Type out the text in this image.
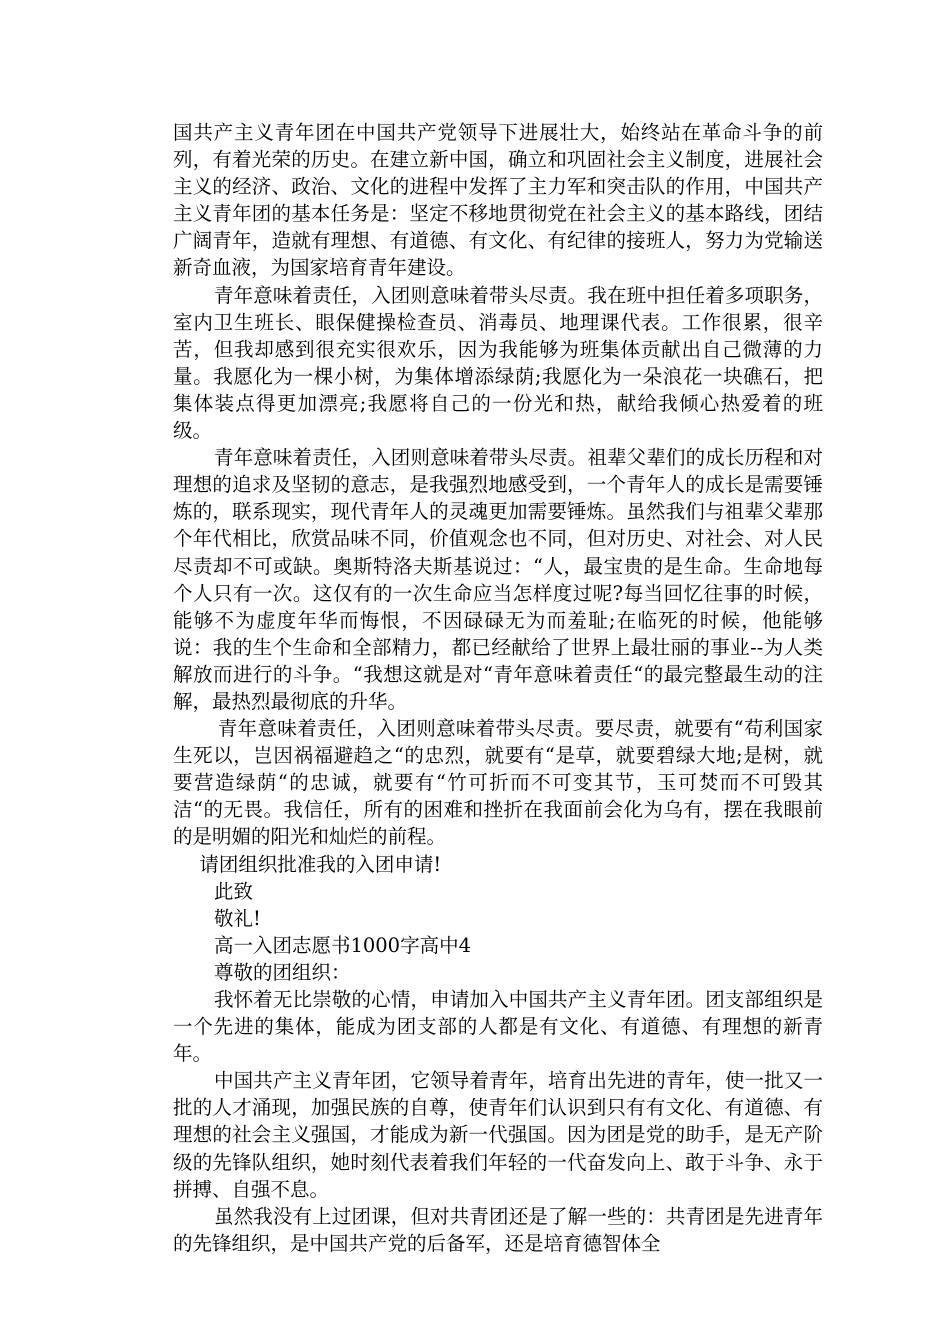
国共产主义青年团在中国共产党领导下进展壮大，始终站在革命斗争的前列，有着光荣的历史。在建立新中国，确立和巩固社会主义制度，进展社会主义的经济、政治、文化的进程中发挥了主力军和突击队的作用，中国共产主义青年团的基本任务是：坚定不移地贯彻党在社会主义的基本路线，团结广阔青年，造就有理想、有道德、有文化、有纪律的接班人，努力为党输送新奇血液，为国家培育青年建设。

青年意味着责任，入团则意味着带头尽责。我在班中担任着多项职务，室内卫生班长、眼保健操检查员、消毒员、地理课代表。工作很累，很辛苦，但我却感到很充实很欢乐，因为我能够为班集体贡献出自己微薄的力量。我愿化为一棵小树，为集体增添绿荫;我愿化为一朵浪花一块礁石，把集体装点得更加漂亮;我愿将自己的一份光和热，献给我倾心热爱着的班级。

青年意味着责任，入团则意味着带头尽责。祖辈父辈们的成长历程和对理想的追求及坚韧的意志，是我强烈地感受到，一个青年人的成长是需要锤炼的，联系现实，现代青年人的灵魂更加需要锤炼。虽然我们与祖辈父辈那个年代相比，欣赏品味不同，价值观念也不同，但对历史、对社会、对人民尽责却不可或缺。奥斯特洛夫斯基说过：“人，最宝贵的是生命。生命地每个人只有一次。这仅有的一次生命应当怎样度过呢?每当回忆往事的时候，能够不为虚度年华而悔恨，不因碌碌无为而羞耻;在临死的时候，他能够说：我的生个生命和全部精力，都已经献给了世界上最壮丽的事业--为人类解放而进行的斗争。“我想这就是对“青年意味着责任“的最完整最生动的注解，最热烈最彻底的升华。

青年意味着责任，入团则意味着带头尽责。要尽责，就要有“苟利国家生死以，岂因祸福避趋之“的忠烈，就要有“是草，就要碧绿大地;是树，就要营造绿荫“的忠诚，就要有“竹可折而不可变其节，玉可焚而不可毁其洁“的无畏。我信任，所有的困难和挫折在我面前会化为乌有，摆在我眼前的是明媚的阳光和灿烂的前程。

请团组织批准我的入团申请!

此致

敬礼!

高一入团志愿书1000字高中4

尊敬的团组织：

我怀着无比崇敬的心情，申请加入中国共产主义青年团。团支部组织是一个先进的集体，能成为团支部的人都是有文化、有道德、有理想的新青年。

中国共产主义青年团，它领导着青年，培育出先进的青年，使一批又一批的人才涌现，加强民族的自尊，使青年们认识到只有有文化、有道德、有理想的社会主义强国，才能成为新一代强国。因为团是党的助手，是无产阶级的先锋队组织，她时刻代表着我们年轻的一代奋发向上、敢于斗争、永于拼搏、自强不息。

虽然我没有上过团课，但对共青团还是了解一些的：共青团是先进青年的先锋组织，是中国共产党的后备军，还是培育德智体全
